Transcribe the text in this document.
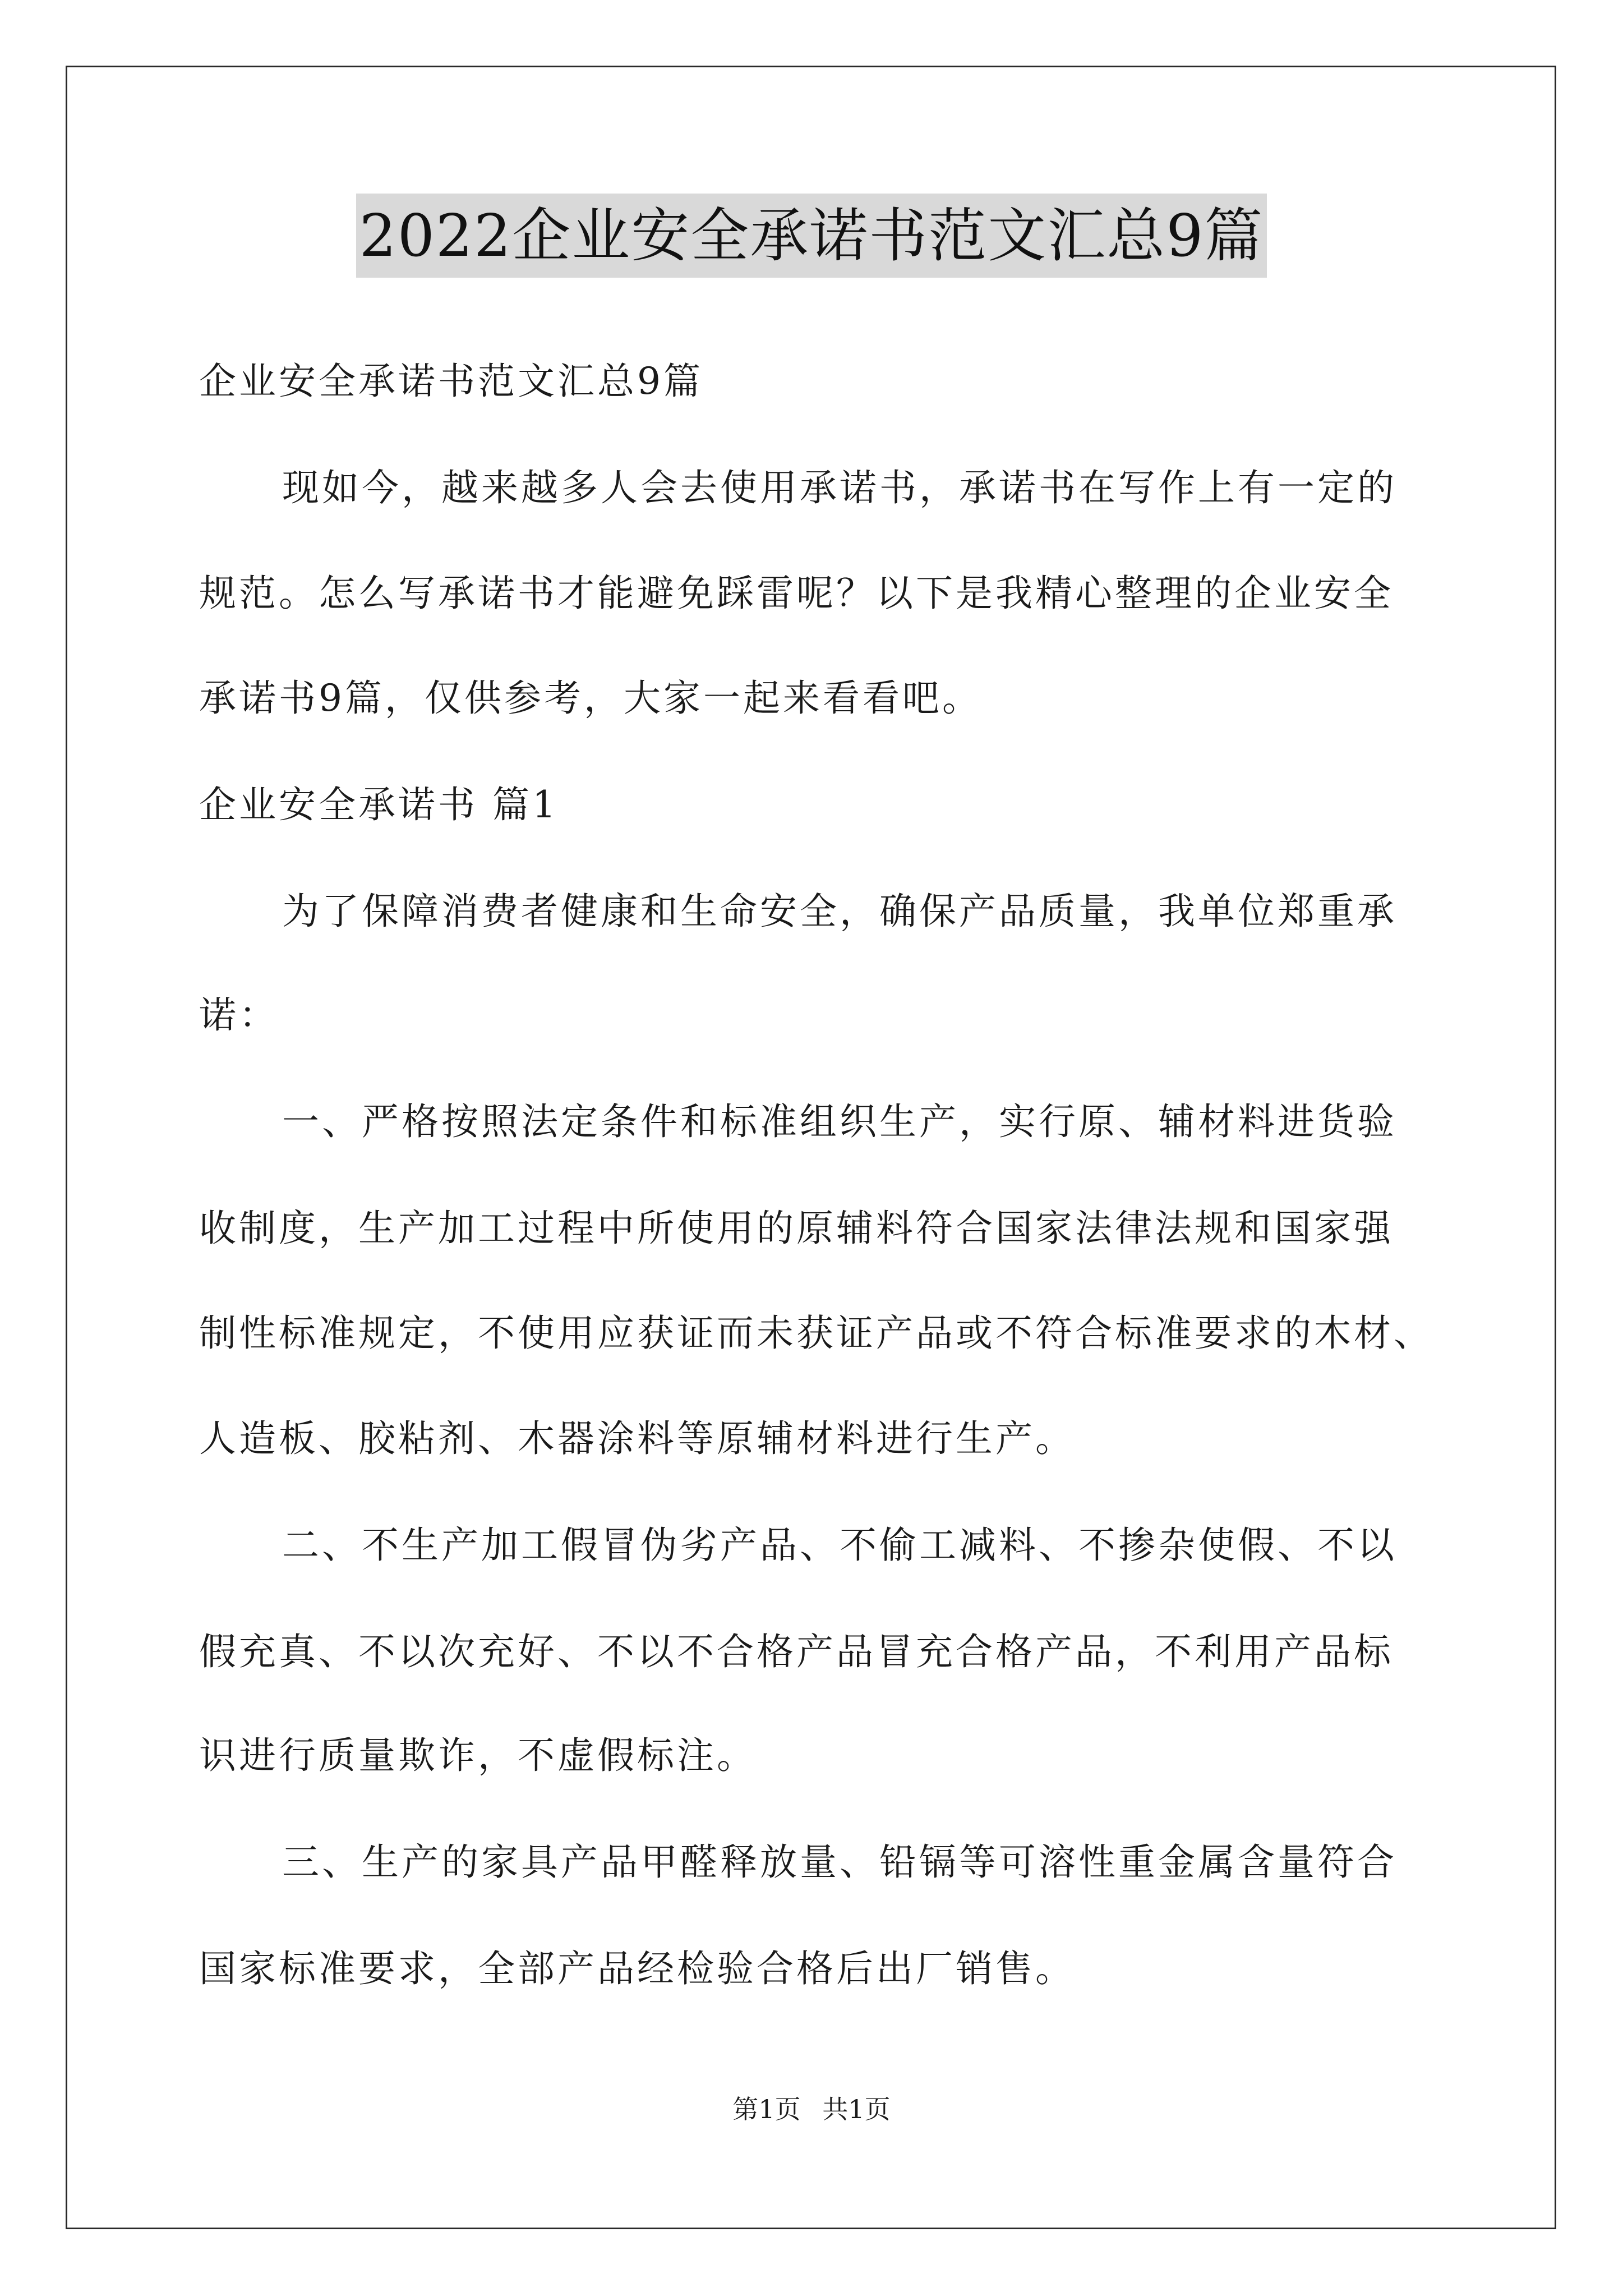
2022企业安全承诺书范文汇总9篇
企业安全承诺书范文汇总9篇
现如今，越来越多人会去使用承诺书，承诺书在写作上有一定的
规范。怎么写承诺书才能避免踩雷呢？以下是我精心整理的企业安全
承诺书9篇，仅供参考，大家一起来看看吧。
企业安全承诺书 篇1
为了保障消费者健康和生命安全，确保产品质量，我单位郑重承
诺：
一、严格按照法定条件和标准组织生产，实行原、辅材料进货验
收制度，生产加工过程中所使用的原辅料符合国家法律法规和国家强
制性标准规定，不使用应获证而未获证产品或不符合标准要求的木材、
人造板、胶粘剂、木器涂料等原辅材料进行生产。
二、不生产加工假冒伪劣产品、不偷工减料、不掺杂使假、不以
假充真、不以次充好、不以不合格产品冒充合格产品，不利用产品标
识进行质量欺诈，不虚假标注。
三、生产的家具产品甲醛释放量、铅镉等可溶性重金属含量符合
国家标准要求，全部产品经检验合格后出厂销售。
第1页 共1页
